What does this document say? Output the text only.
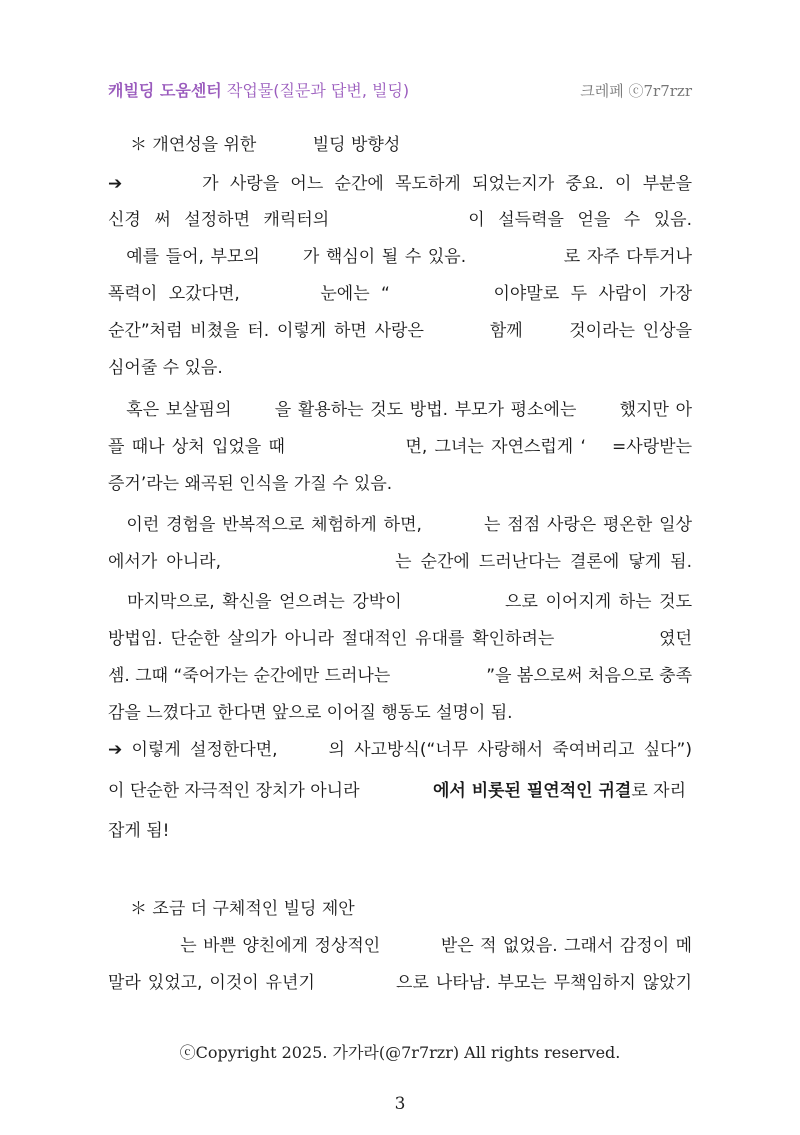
캐빌딩 도움센터 작업물(질문과 답변, 빌딩)	크레페 ⓒ7r7rzr
＊ 개연성을 위한 　　　빌딩 방향성
➔ 　　　가 사랑을 어느 순간에 목도하게 되었는지가 중요. 이 부분을
신경 써 설정하면 캐릭터의 　　　　　이 설득력을 얻을 수 있음.
　예를 들어, 부모의 　　가 핵심이 될 수 있음. 　　　　　로 자주 다투거나
폭력이 오갔다면, 　　　눈에는 “ 　　　　이야말로 두 사람이 가장
순간”처럼 비쳤을 터. 이렇게 하면 사랑은 　　　함께 　　것이라는 인상을
심어줄 수 있음.
　혹은 보살핌의 　　을 활용하는 것도 방법. 부모가 평소에는 　　했지만 아
플 때나 상처 입었을 때 　　　　　　면, 그녀는 자연스럽게 ‘ 　=사랑받는
증거’라는 왜곡된 인식을 가질 수 있음.
　이런 경험을 반복적으로 체험하게 하면, 　　　는 점점 사랑은 평온한 일상
에서가 아니라, 　　　　　　　　는 순간에 드러난다는 결론에 닿게 됨.
　마지막으로, 확신을 얻으려는 강박이 　　　　　으로 이어지게 하는 것도
방법임. 단순한 살의가 아니라 절대적인 유대를 확인하려는 　　　　　였던
셈. 그때 “죽어가는 순간에만 드러나는 　　　　　 ”을 봄으로써 처음으로 충족
감을 느꼈다고 한다면 앞으로 이어질 행동도 설명이 됨.
➔ 이렇게 설정한다면, 　　의 사고방식(“너무 사랑해서 죽여버리고 싶다”)
이 단순한 자극적인 장치가 아니라 　　　　에서 비롯된 필연적인 귀결로 자리
잡게 됨!
＊ 조금 더 구체적인 빌딩 제안
　　　　는 바쁜 양친에게 정상적인 　　　받은 적 없었음. 그래서 감정이 메
말라 있었고, 이것이 유년기 　　　　으로 나타남. 부모는 무책임하지 않았기
ⓒCopyright 2025. 가가라(@7r7rzr) All rights reserved.
3
